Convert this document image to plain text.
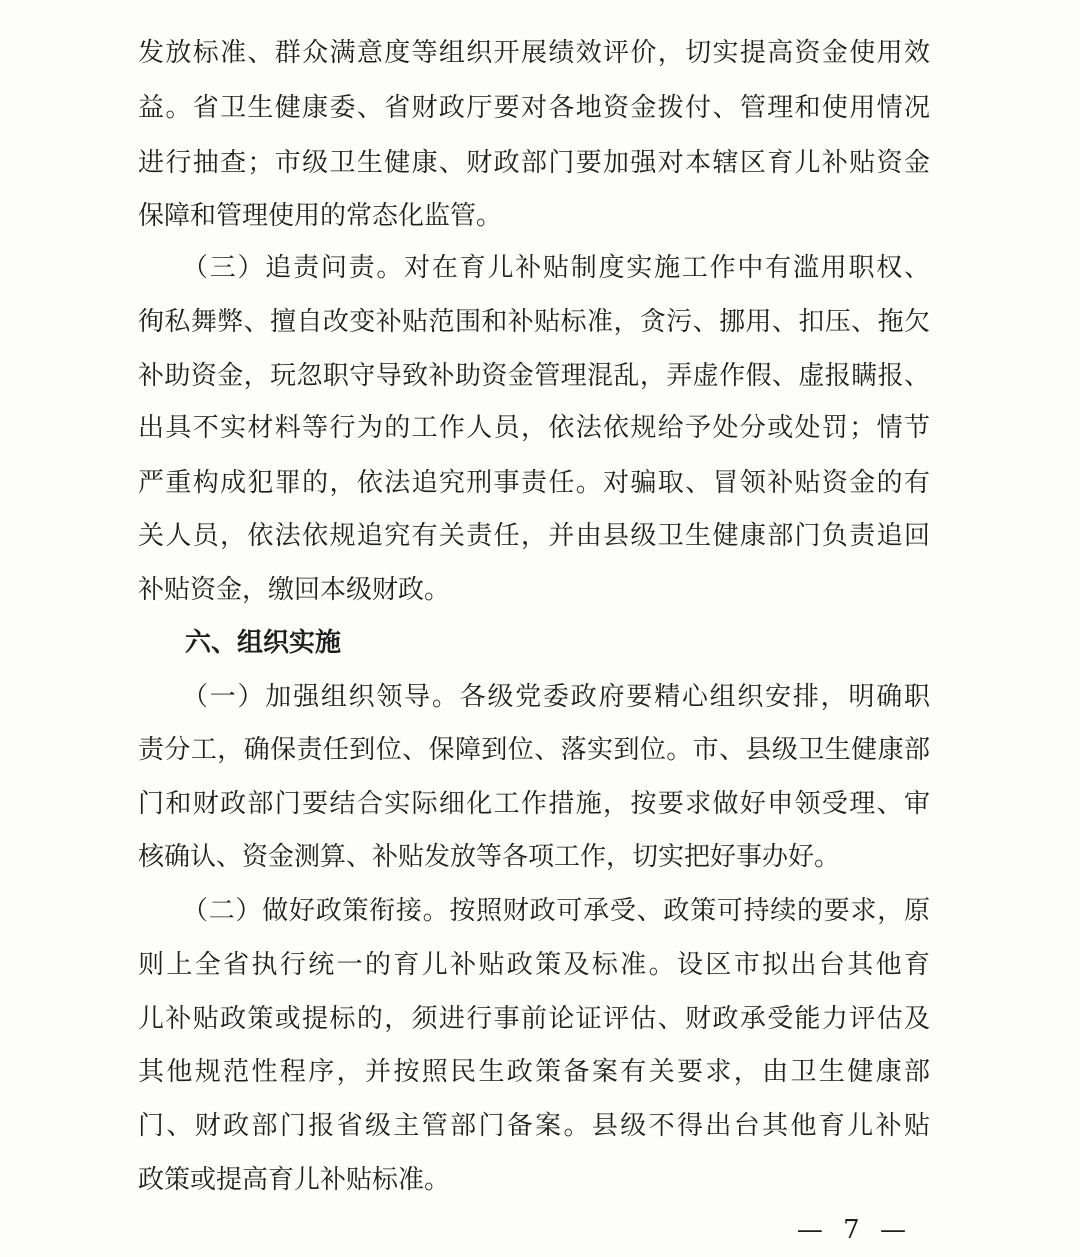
发放标准、群众满意度等组织开展绩效评价，切实提高资金使用效

益。省卫生健康委、省财政厅要对各地资金拨付、管理和使用情况

进行抽查；市级卫生健康、财政部门要加强对本辖区育儿补贴资金

保障和管理使用的常态化监管。

（三）追责问责。对在育儿补贴制度实施工作中有滥用职权、

徇私舞弊、擅自改变补贴范围和补贴标准，贪污、挪用、扣压、拖欠

补助资金，玩忽职守导致补助资金管理混乱，弄虚作假、虚报瞒报、

出具不实材料等行为的工作人员，依法依规给予处分或处罚；情节

严重构成犯罪的，依法追究刑事责任。对骗取、冒领补贴资金的有

关人员，依法依规追究有关责任，并由县级卫生健康部门负责追回

补贴资金，缴回本级财政。

六、组织实施

（一）加强组织领导。各级党委政府要精心组织安排，明确职

责分工，确保责任到位、保障到位、落实到位。市、县级卫生健康部

门和财政部门要结合实际细化工作措施，按要求做好申领受理、审

核确认、资金测算、补贴发放等各项工作，切实把好事办好。

（二）做好政策衔接。按照财政可承受、政策可持续的要求，原

则上全省执行统一的育儿补贴政策及标准。设区市拟出台其他育

儿补贴政策或提标的，须进行事前论证评估、财政承受能力评估及

其他规范性程序，并按照民生政策备案有关要求，由卫生健康部

门、财政部门报省级主管部门备案。县级不得出台其他育儿补贴

政策或提高育儿补贴标准。

— 7 —
